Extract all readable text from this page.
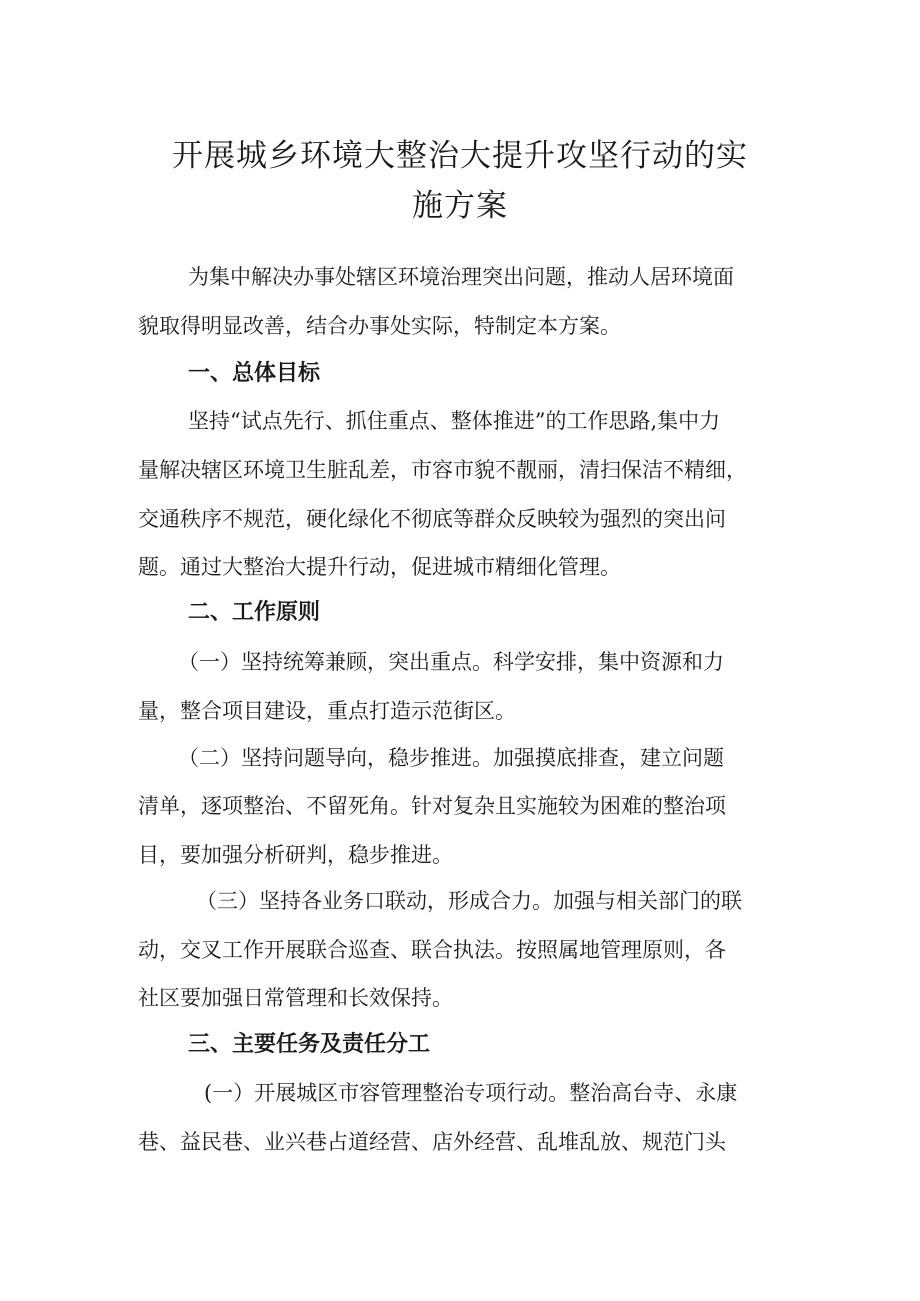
开展城乡环境大整治大提升攻坚行动的实
施方案

为集中解决办事处辖区环境治理突出问题，推动人居环境面

貌取得明显改善，结合办事处实际，特制定本方案。

一、总体目标

坚持“试点先行、抓住重点、整体推进”的工作思路,集中力

量解决辖区环境卫生脏乱差，市容市貌不靓丽，清扫保洁不精细，

交通秩序不规范，硬化绿化不彻底等群众反映较为强烈的突出问

题。通过大整治大提升行动，促进城市精细化管理。

二、工作原则

（一）坚持统筹兼顾，突出重点。科学安排，集中资源和力

量，整合项目建设，重点打造示范街区。

（二）坚持问题导向，稳步推进。加强摸底排查，建立问题

清单，逐项整治、不留死角。针对复杂且实施较为困难的整治项

目，要加强分析研判，稳步推进。

（三）坚持各业务口联动，形成合力。加强与相关部门的联

动，交叉工作开展联合巡查、联合执法。按照属地管理原则，各

社区要加强日常管理和长效保持。

三、主要任务及责任分工

(一）开展城区市容管理整治专项行动。整治高台寺、永康

巷、益民巷、业兴巷占道经营、店外经营、乱堆乱放、规范门头
